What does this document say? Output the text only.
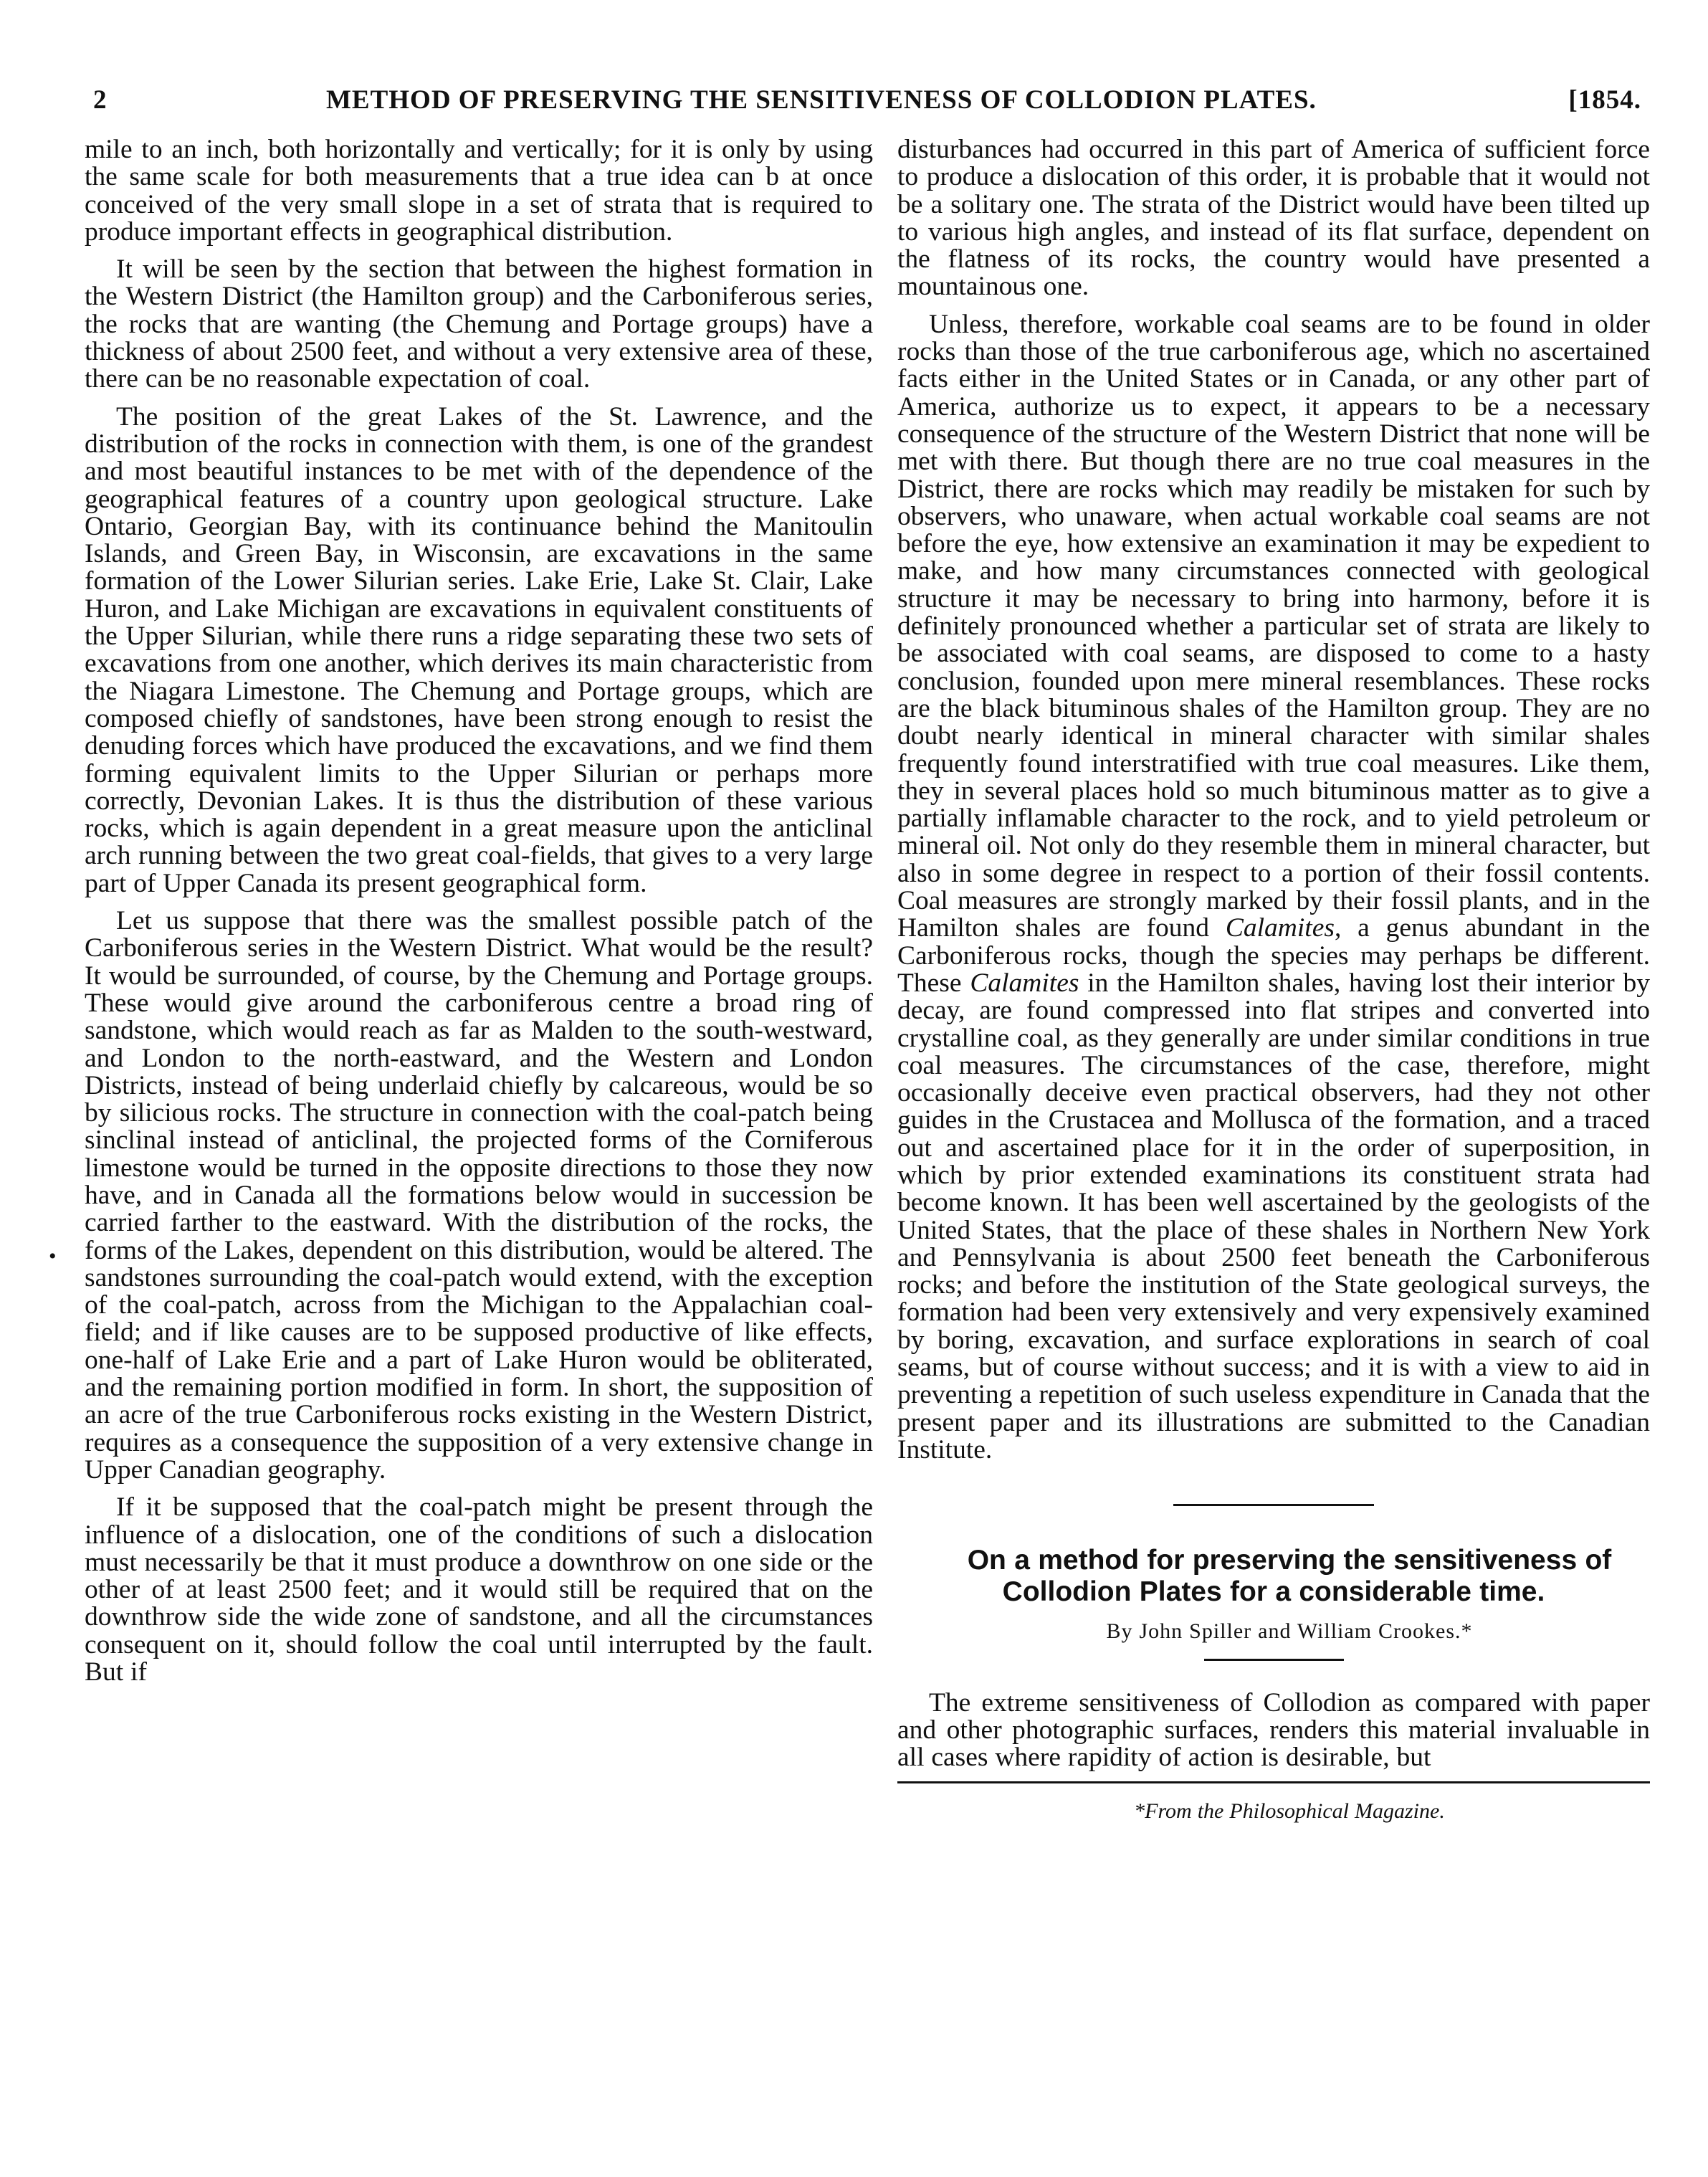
2	METHOD OF PRESERVING THE SENSITIVENESS OF COLLODION PLATES.	[1854.
•

mile to an inch, both horizontally and vertically; for it is only by using the same scale for both measurements that a true idea can b at once conceived of the very small slope in a set of strata that is required to produce important effects in geographical distribution.

It will be seen by the section that between the highest formation in the Western District (the Hamilton group) and the Carboniferous series, the rocks that are wanting (the Chemung and Portage groups) have a thickness of about 2500 feet, and without a very extensive area of these, there can be no reasonable expectation of coal.

The position of the great Lakes of the St. Lawrence, and the distribution of the rocks in connection with them, is one of the grandest and most beautiful instances to be met with of the dependence of the geographical features of a country upon geological structure. Lake Ontario, Georgian Bay, with its continuance behind the Manitoulin Islands, and Green Bay, in Wisconsin, are excavations in the same formation of the Lower Silurian series. Lake Erie, Lake St. Clair, Lake Huron, and Lake Michigan are excavations in equivalent constituents of the Upper Silurian, while there runs a ridge separating these two sets of excavations from one another, which derives its main characteristic from the Niagara Limestone. The Chemung and Portage groups, which are composed chiefly of sandstones, have been strong enough to resist the denuding forces which have produced the excavations, and we find them forming equivalent limits to the Upper Silurian or perhaps more correctly, Devonian Lakes. It is thus the distribution of these various rocks, which is again dependent in a great measure upon the anticlinal arch running between the two great coal-fields, that gives to a very large part of Upper Canada its present geographical form.

Let us suppose that there was the smallest possible patch of the Carboniferous series in the Western District. What would be the result? It would be surrounded, of course, by the Chemung and Portage groups. These would give around the carboniferous centre a broad ring of sandstone, which would reach as far as Malden to the south-westward, and London to the north-eastward, and the Western and London Districts, instead of being underlaid chiefly by calcareous, would be so by silicious rocks. The structure in connection with the coal-patch being sinclinal instead of anticlinal, the projected forms of the Corniferous limestone would be turned in the opposite directions to those they now have, and in Canada all the formations below would in succession be carried farther to the eastward. With the distribution of the rocks, the forms of the Lakes, dependent on this distribution, would be altered. The sandstones surrounding the coal-patch would extend, with the exception of the coal-patch, across from the Michigan to the Appalachian coal-field; and if like causes are to be supposed productive of like effects, one-half of Lake Erie and a part of Lake Huron would be obliterated, and the remaining portion modified in form. In short, the supposition of an acre of the true Carboniferous rocks existing in the Western District, requires as a consequence the supposition of a very extensive change in Upper Canadian geography.

If it be supposed that the coal-patch might be present through the influence of a dislocation, one of the conditions of such a dislocation must necessarily be that it must produce a downthrow on one side or the other of at least 2500 feet; and it would still be required that on the downthrow side the wide zone of sandstone, and all the circumstances consequent on it, should follow the coal until interrupted by the fault. But if

disturbances had occurred in this part of America of sufficient force to produce a dislocation of this order, it is probable that it would not be a solitary one. The strata of the District would have been tilted up to various high angles, and instead of its flat surface, dependent on the flatness of its rocks, the country would have presented a mountainous one.

Unless, therefore, workable coal seams are to be found in older rocks than those of the true carboniferous age, which no ascertained facts either in the United States or in Canada, or any other part of America, authorize us to expect, it appears to be a necessary consequence of the structure of the Western District that none will be met with there. But though there are no true coal measures in the District, there are rocks which may readily be mistaken for such by observers, who unaware, when actual workable coal seams are not before the eye, how extensive an examination it may be expedient to make, and how many circumstances connected with geological structure it may be necessary to bring into harmony, before it is definitely pronounced whether a particular set of strata are likely to be associated with coal seams, are disposed to come to a hasty conclusion, founded upon mere mineral resemblances. These rocks are the black bituminous shales of the Hamilton group. They are no doubt nearly identical in mineral character with similar shales frequently found interstratified with true coal measures. Like them, they in several places hold so much bituminous matter as to give a partially inflamable character to the rock, and to yield petroleum or mineral oil. Not only do they resemble them in mineral character, but also in some degree in respect to a portion of their fossil contents. Coal measures are strongly marked by their fossil plants, and in the Hamilton shales are found Calamites, a genus abundant in the Carboniferous rocks, though the species may perhaps be different. These Calamites in the Hamilton shales, having lost their interior by decay, are found compressed into flat stripes and converted into crystalline coal, as they generally are under similar conditions in true coal measures. The circumstances of the case, therefore, might occasionally deceive even practical observers, had they not other guides in the Crustacea and Mollusca of the formation, and a traced out and ascertained place for it in the order of superposition, in which by prior extended examinations its constituent strata had become known. It has been well ascertained by the geologists of the United States, that the place of these shales in Northern New York and Pennsylvania is about 2500 feet beneath the Carboniferous rocks; and before the institution of the State geological surveys, the formation had been very extensively and very expensively examined by boring, excavation, and surface explorations in search of coal seams, but of course without success; and it is with a view to aid in preventing a repetition of such useless expenditure in Canada that the present paper and its illustrations are submitted to the Canadian Institute.

On a method for preserving the sensitiveness of Collodion Plates for a considerable time.

By John Spiller and William Crookes.*

The extreme sensitiveness of Collodion as compared with paper and other photographic surfaces, renders this material invaluable in all cases where rapidity of action is desirable, but

*From the Philosophical Magazine.
